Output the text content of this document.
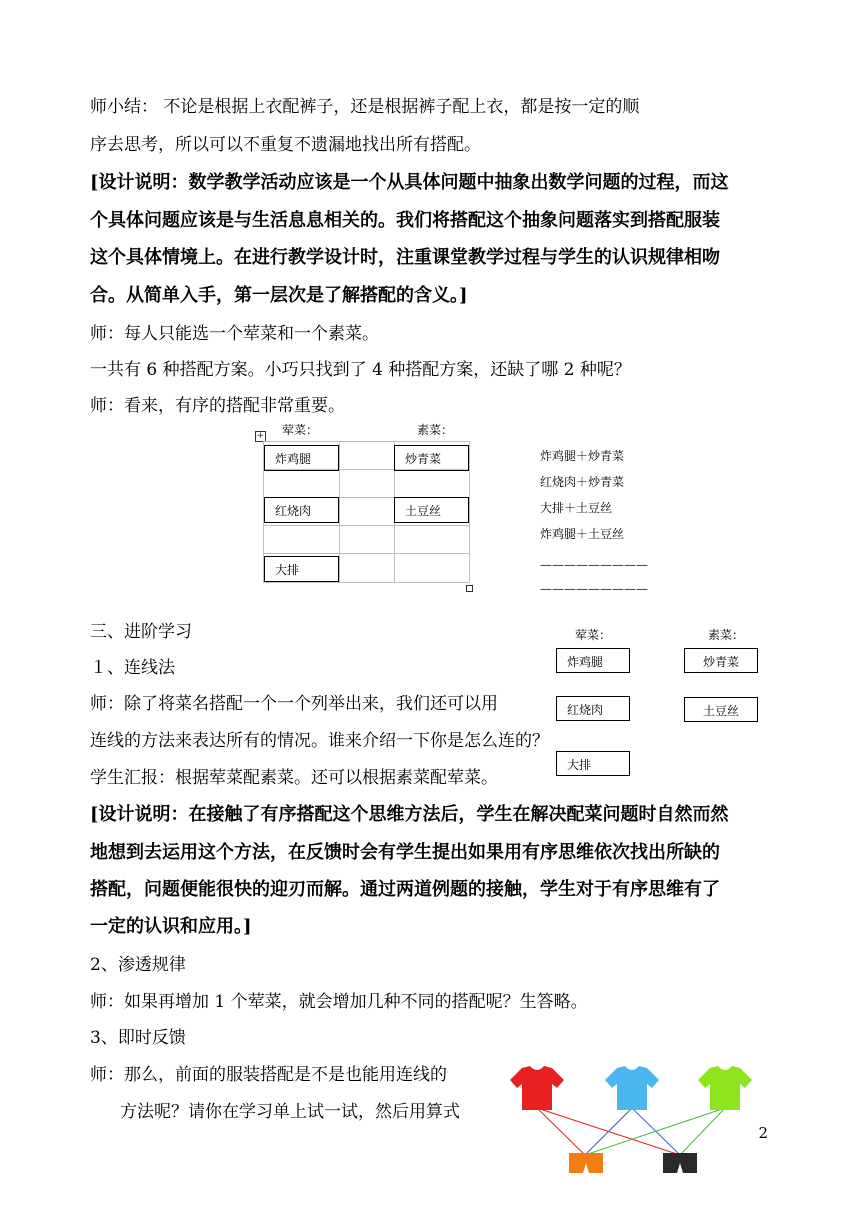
师小结： 不论是根据上衣配裤子，还是根据裤子配上衣，都是按一定的顺
序去思考，所以可以不重复不遗漏地找出所有搭配。
[设计说明：数学教学活动应该是一个从具体问题中抽象出数学问题的过程，而这
个具体问题应该是与生活息息相关的。我们将搭配这个抽象问题落实到搭配服装
这个具体情境上。在进行教学设计时，注重课堂教学过程与学生的认识规律相吻
合。从简单入手，第一层次是了解搭配的含义。]
师：每人只能选一个荤菜和一个素菜。
一共有 6 种搭配方案。小巧只找到了 4 种搭配方案，还缺了哪 2 种呢？
师：看来，有序的搭配非常重要。
+ 荤菜：	素菜：
炸鸡腿
红烧肉
大排
炒青菜
土豆丝
炸鸡腿＋炒青菜
红烧肉＋炒青菜
大排＋土豆丝
炸鸡腿＋土豆丝
—————————
—————————
三、进阶学习
１、连线法
师：除了将菜名搭配一个一个列举出来，我们还可以用
连线的方法来表达所有的情况。谁来介绍一下你是怎么连的？
学生汇报：根据荤菜配素菜。还可以根据素菜配荤菜。
荤菜：	素菜：
炸鸡腿
红烧肉
大排
炒青菜
土豆丝
[设计说明：在接触了有序搭配这个思维方法后，学生在解决配菜问题时自然而然
地想到去运用这个方法，在反馈时会有学生提出如果用有序思维依次找出所缺的
搭配，问题便能很快的迎刃而解。通过两道例题的接触，学生对于有序思维有了
一定的认识和应用。]
2、渗透规律
师：如果再增加 1 个荤菜，就会增加几种不同的搭配呢？生答略。
3、即时反馈
师：那么，前面的服装搭配是不是也能用连线的
方法呢？请你在学习单上试一试，然后用算式
2
